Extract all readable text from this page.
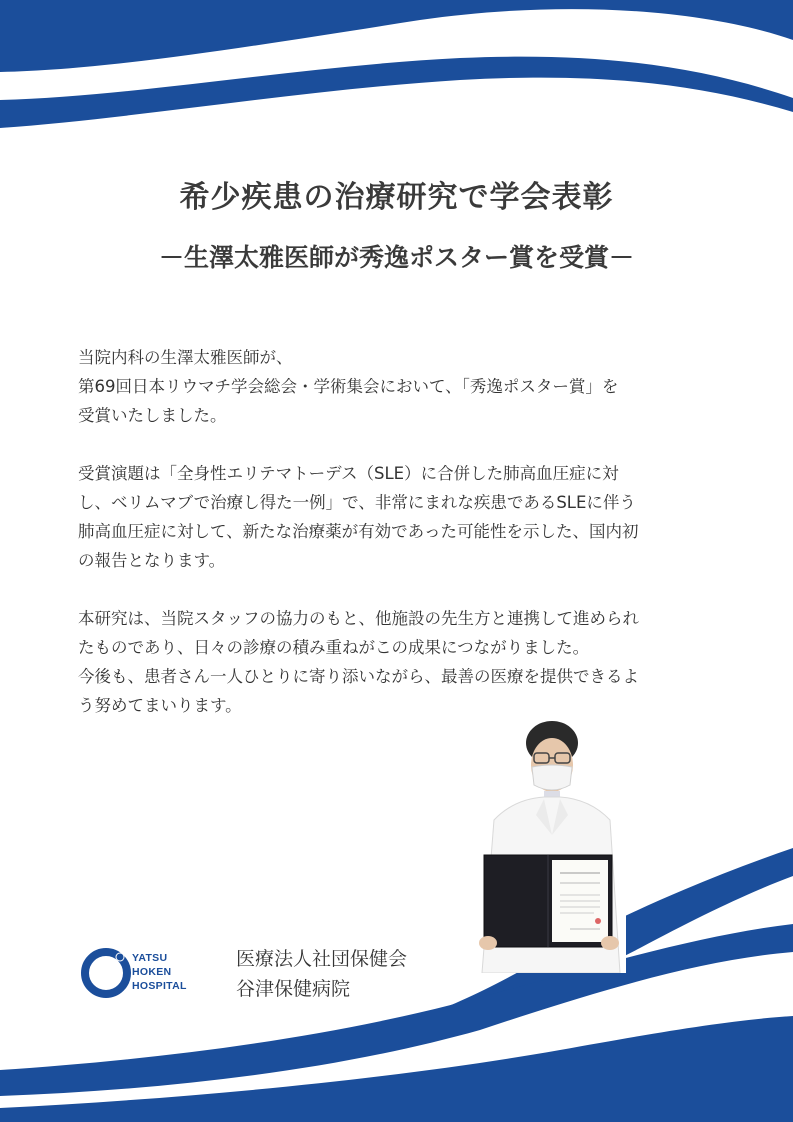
希少疾患の治療研究で学会表彰
－生澤太雅医師が秀逸ポスター賞を受賞－

当院内科の生澤太雅医師が、
第69回日本リウマチ学会総会・学術集会において、「秀逸ポスター賞」を
受賞いたしました。

受賞演題は「全身性エリテマトーデス（SLE）に合併した肺高血圧症に対
し、ベリムマブで治療し得た一例」で、非常にまれな疾患であるSLEに伴う
肺高血圧症に対して、新たな治療薬が有効であった可能性を示した、国内初
の報告となります。

本研究は、当院スタッフの協力のもと、他施設の先生方と連携して進められ
たものであり、日々の診療の積み重ねがこの成果につながりました。
今後も、患者さん一人ひとりに寄り添いながら、最善の医療を提供できるよ
う努めてまいります。

YATSU
HOKEN
HOSPITAL
医療法人社団保健会
谷津保健病院
